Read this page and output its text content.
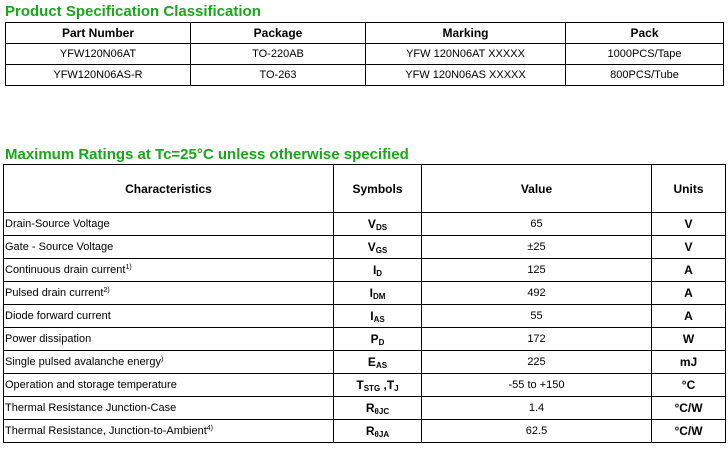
Product Specification Classification
Part Number	Package	Marking	Pack
YFW120N06AT	TO-220AB	YFW 120N06AT XXXXX	1000PCS/Tape
YFW120N06AS-R	TO-263	YFW 120N06AS XXXXX	800PCS/Tube
Maximum Ratings at Tc=25°C unless otherwise specified
Characteristics	Symbols	Value	Units
Drain-Source Voltage	$V_{DS}$	65	V
Gate - Source Voltage	$V_{GS}$	±25	V
Continuous drain current$^{1)}$	$I_D$	125	A
Pulsed drain current$^{2)}$	$I_{DM}$	492	A
Diode forward current	$I_{AS}$	55	A
Power dissipation	$P_D$	172	W
Single pulsed avalanche energy)	$E_{AS}$	225	mJ
Operation and storage temperature	$T_{STG}$ $,T_J$	-55 to +150	°C
Thermal Resistance Junction-Case	$R_{\theta JC}$	1.4	°C/W
Thermal Resistance, Junction-to-Ambient$^{4)}$	$R_{\theta JA}$	62.5	°C/W
